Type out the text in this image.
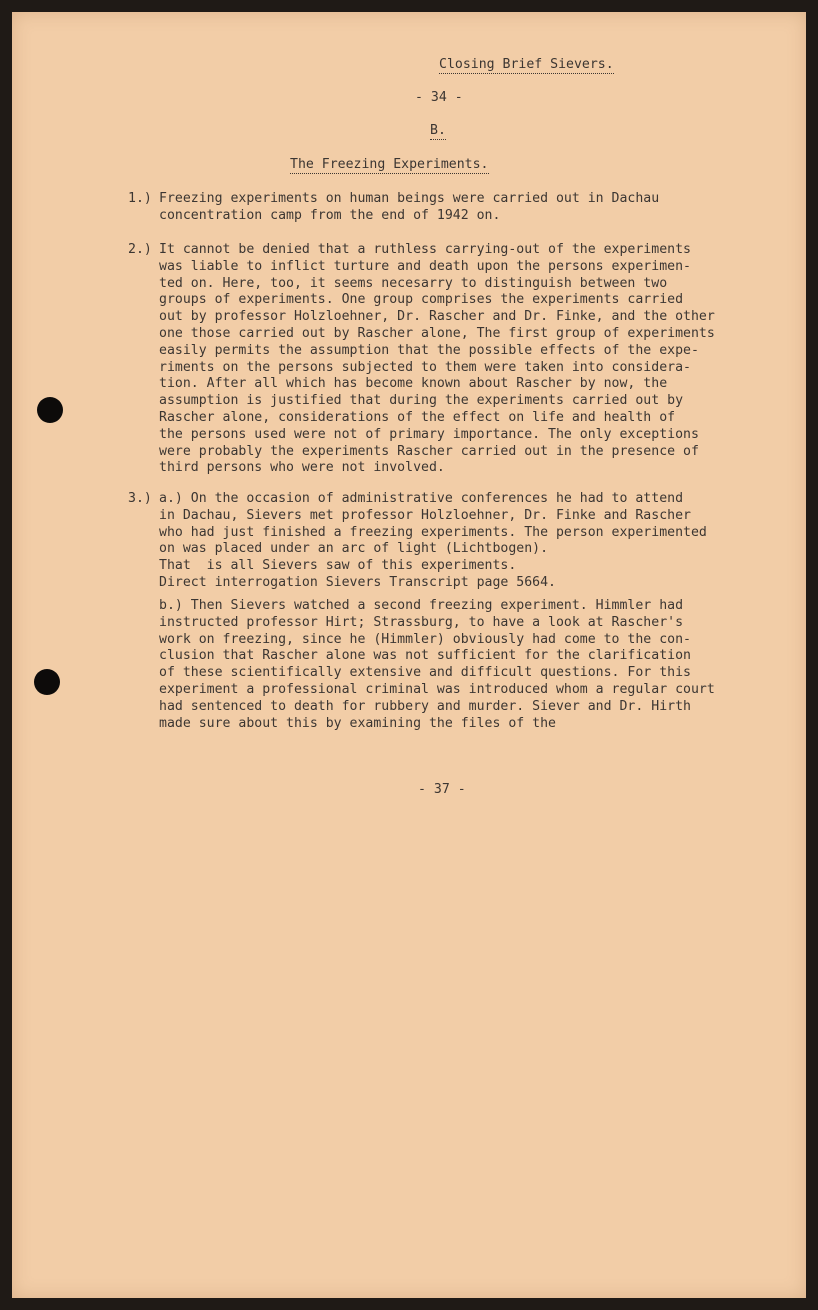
Closing Brief Sievers.
- 34 -
B.
The Freezing Experiments.
1.) Freezing experiments on human beings were carried out in Dachau
concentration camp from the end of 1942 on.
2.) It cannot be denied that a ruthless carrying-out of the experiments
was liable to inflict turture and death upon the persons experimen-
ted on. Here, too, it seems necesarry to distinguish between two
groups of experiments. One group comprises the experiments carried
out by professor Holzloehner, Dr. Rascher and Dr. Finke, and the other
one those carried out by Rascher alone, The first group of experiments
easily permits the assumption that the possible effects of the expe-
riments on the persons subjected to them were taken into considera-
tion. After all which has become known about Rascher by now, the
assumption is justified that during the experiments carried out by
Rascher alone, considerations of the effect on life and health of
the persons used were not of primary importance. The only exceptions
were probably the experiments Rascher carried out in the presence of
third persons who were not involved.
3.) a.) On the occasion of administrative conferences he had to attend
in Dachau, Sievers met professor Holzloehner, Dr. Finke and Rascher
who had just finished a freezing experiments. The person experimented
on was placed under an arc of light (Lichtbogen).
That  is all Sievers saw of this experiments.
Direct interrogation Sievers Transcript page 5664.
b.) Then Sievers watched a second freezing experiment. Himmler had
instructed professor Hirt; Strassburg, to have a look at Rascher's
work on freezing, since he (Himmler) obviously had come to the con-
clusion that Rascher alone was not sufficient for the clarification
of these scientifically extensive and difficult questions. For this
experiment a professional criminal was introduced whom a regular court
had sentenced to death for rubbery and murder. Siever and Dr. Hirth
made sure about this by examining the files of the
- 37 -
